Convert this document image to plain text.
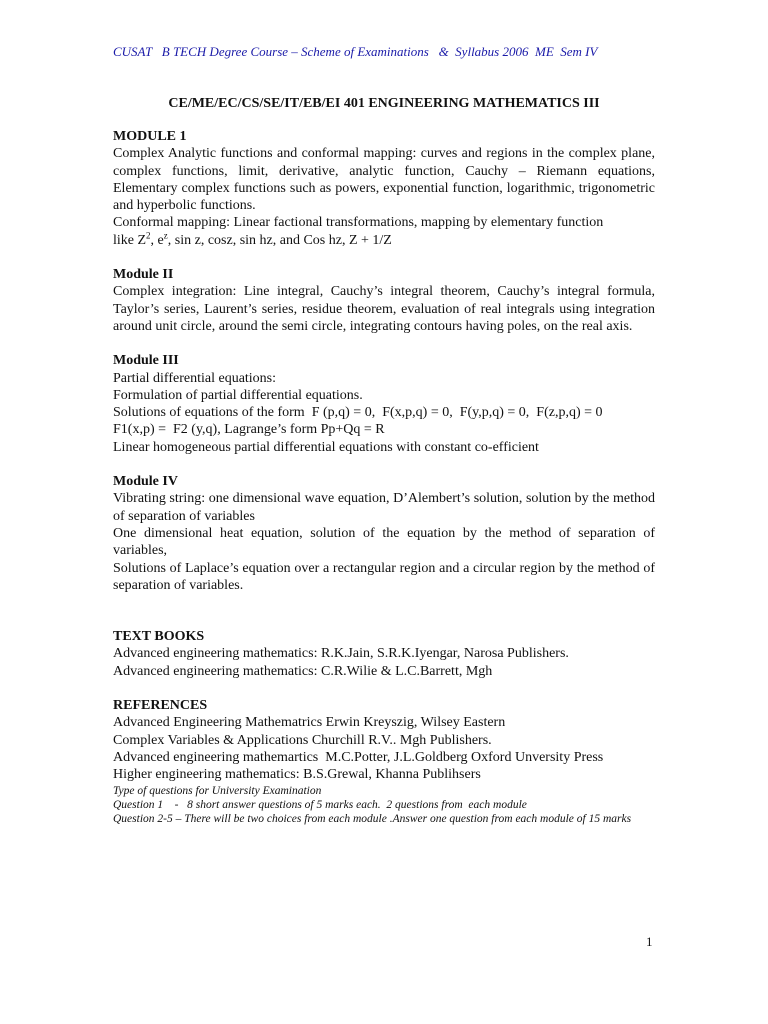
CUSAT   B TECH Degree Course – Scheme of Examinations   &  Syllabus 2006  ME  Sem IV
CE/ME/EC/CS/SE/IT/EB/EI 401 ENGINEERING MATHEMATICS III
MODULE 1

Complex Analytic functions and conformal mapping: curves and regions in the complex plane, complex functions, limit, derivative, analytic function, Cauchy – Riemann equations, Elementary complex functions such as powers, exponential function, logarithmic, trigonometric and hyperbolic functions.

Conformal mapping: Linear factional transformations, mapping by elementary function

like $Z^2$, $e^z$, sin z, cosz, sin hz, and Cos hz, Z + 1/Z

Module II

Complex integration: Line integral, Cauchy’s integral theorem, Cauchy’s integral formula, Taylor’s series, Laurent’s series, residue theorem, evaluation of real integrals using integration around unit circle, around the semi circle, integrating contours having poles, on the real axis.

Module III

Partial differential equations:

Formulation of partial differential equations.

Solutions of equations of the form  F (p,q) = 0,  F(x,p,q) = 0,  F(y,p,q) = 0,  F(z,p,q) = 0

F1(x,p) =  F2 (y,q), Lagrange’s form Pp+Qq = R

Linear homogeneous partial differential equations with constant co-efficient

Module IV

Vibrating string: one dimensional wave equation, D’Alembert’s solution, solution by the method of separation of variables

One dimensional heat equation, solution of the equation by the method of separation of variables,

Solutions of Laplace’s equation over a rectangular region and a circular region by the method of separation of variables.

TEXT BOOKS

Advanced engineering mathematics: R.K.Jain, S.R.K.Iyengar, Narosa Publishers.

Advanced engineering mathematics: C.R.Wilie & L.C.Barrett, Mgh

REFERENCES

Advanced Engineering Mathematrics Erwin Kreyszig, Wilsey Eastern

Complex Variables & Applications Churchill R.V.. Mgh Publishers.

Advanced engineering mathemartics  M.C.Potter, J.L.Goldberg Oxford Unversity Press

Higher engineering mathematics: B.S.Grewal, Khanna Publihsers

Type of questions for University Examination

Question 1    -   8 short answer questions of 5 marks each.  2 questions from  each module

Question 2-5 – There will be two choices from each module .Answer one question from each module of 15 marks

1
